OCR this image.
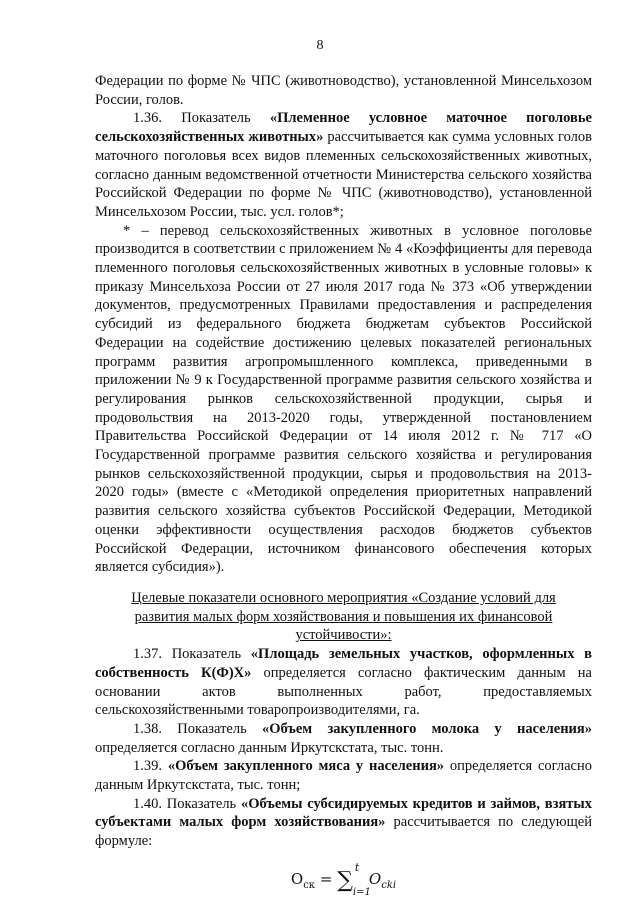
8

Федерации по форме № ЧПС (животноводство), установленной Минсельхозом России, голов.

1.36. Показатель «Племенное условное маточное поголовье сельскохозяйственных животных» рассчитывается как сумма условных голов маточного поголовья всех видов племенных сельскохозяйственных животных, согласно данным ведомственной отчетности Министерства сельского хозяйства Российской Федерации по форме № ЧПС (животноводство), установленной Минсельхозом России, тыс. усл. голов*;

* – перевод сельскохозяйственных животных в условное поголовье производится в соответствии с приложением № 4 «Коэффициенты для перевода племенного поголовья сельскохозяйственных животных в условные головы» к приказу Минсельхоза России от 27 июля 2017 года № 373 «Об утверждении документов, предусмотренных Правилами предоставления и распределения субсидий из федерального бюджета бюджетам субъектов Российской Федерации на содействие достижению целевых показателей региональных программ развития агропромышленного комплекса, приведенными в приложении № 9 к Государственной программе развития сельского хозяйства и регулирования рынков сельскохозяйственной продукции, сырья и продовольствия на 2013-2020 годы, утвержденной постановлением Правительства Российской Федерации от 14 июля 2012 г. № 717 «О Государственной программе развития сельского хозяйства и регулирования рынков сельскохозяйственной продукции, сырья и продовольствия на 2013-2020 годы» (вместе с «Методикой определения приоритетных направлений развития сельского хозяйства субъектов Российской Федерации, Методикой оценки эффективности осуществления расходов бюджетов субъектов Российской Федерации, источником финансового обеспечения которых является субсидия»).

Целевые показатели основного мероприятия «Создание условий для развития малых форм хозяйствования и повышения их финансовой устойчивости»:

1.37. Показатель «Площадь земельных участков, оформленных в собственность К(Ф)Х» определяется согласно фактическим данным на основании актов выполненных работ, предоставляемых сельскохозяйственными товаропроизводителями, га.

1.38. Показатель «Объем закупленного молока у населения» определяется согласно данным Иркутскстата, тыс. тонн.

1.39. «Объем закупленного мяса у населения» определяется согласно данным Иркутскстата, тыс. тонн;

1.40. Показатель «Объемы субсидируемых кредитов и займов, взятых субъектами малых форм хозяйствования» рассчитывается по следующей формуле:

$О_{ск}$ = ∑
t
i=1
$O_{cki}$
